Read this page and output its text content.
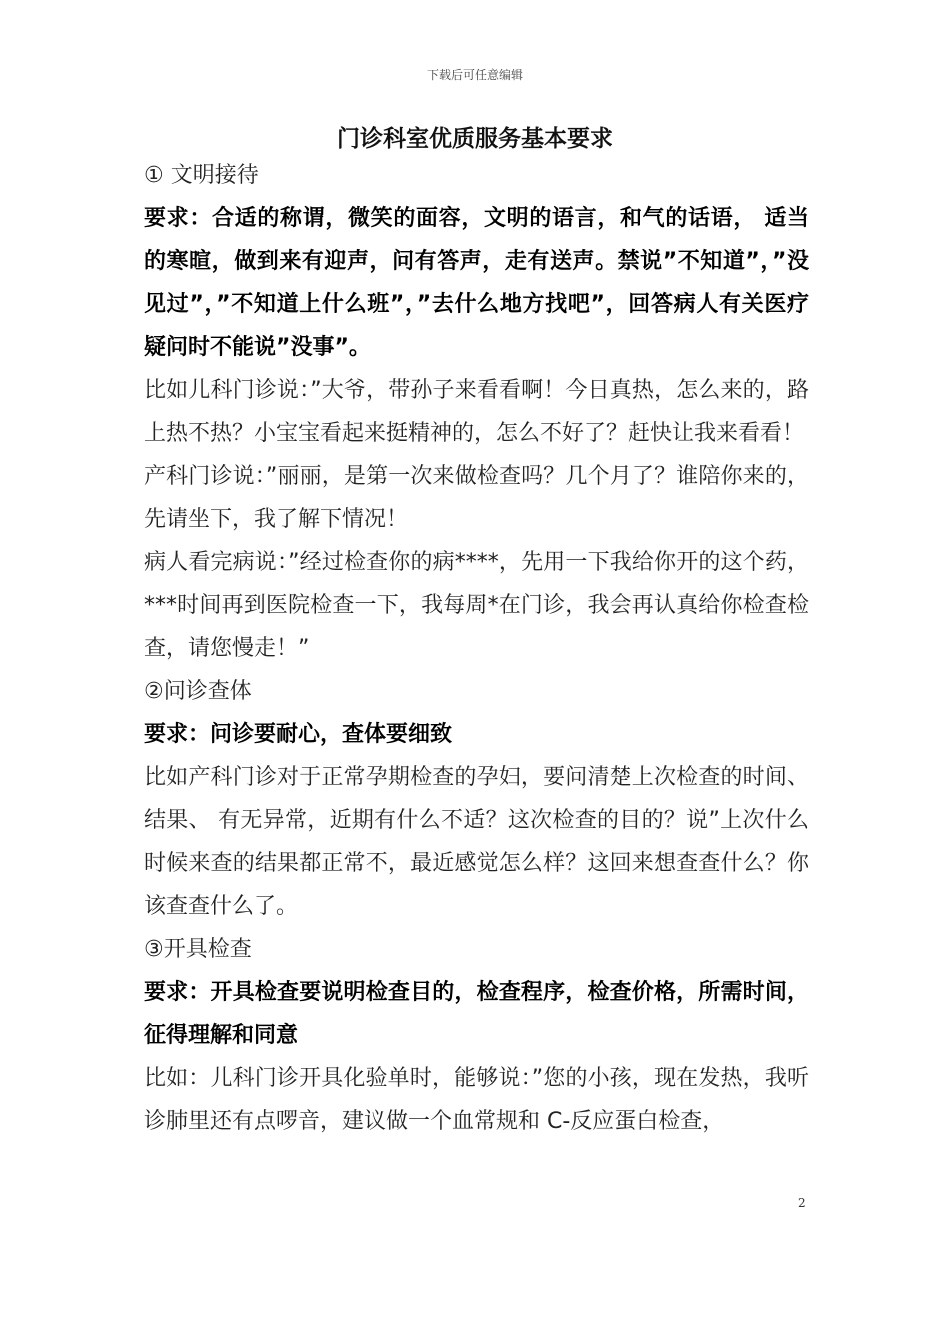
下载后可任意编辑
门诊科室优质服务基本要求

① 文明接待

要求：合适的称谓，微笑的面容，文明的语言，和气的话语， 适当的寒暄，做到来有迎声，问有答声，走有送声。禁说”不知道”，”没见过”，”不知道上什么班”，”去什么地方找吧”，回答病人有关医疗疑问时不能说”没事”。

比如儿科门诊说：”大爷，带孙子来看看啊！今日真热，怎么来的，路上热不热？小宝宝看起来挺精神的，怎么不好了？赶快让我来看看！

产科门诊说：”丽丽，是第一次来做检查吗？几个月了？谁陪你来的，先请坐下，我了解下情况！

病人看完病说：”经过检查你的病****，先用一下我给你开的这个药，***时间再到医院检查一下，我每周*在门诊，我会再认真给你检查检查，请您慢走！”

②问诊查体

要求：问诊要耐心，查体要细致

比如产科门诊对于正常孕期检查的孕妇，要问清楚上次检查的时间、 结果、 有无异常，近期有什么不适？这次检查的目的？说”上次什么时候来查的结果都正常不，最近感觉怎么样？这回来想查查什么？你该查查什么了。

③开具检查

要求：开具检查要说明检查目的，检查程序，检查价格，所需时间，征得理解和同意

比如：儿科门诊开具化验单时，能够说：”您的小孩，现在发热，我听诊肺里还有点啰音，建议做一个血常规和 C-反应蛋白检查，

2
